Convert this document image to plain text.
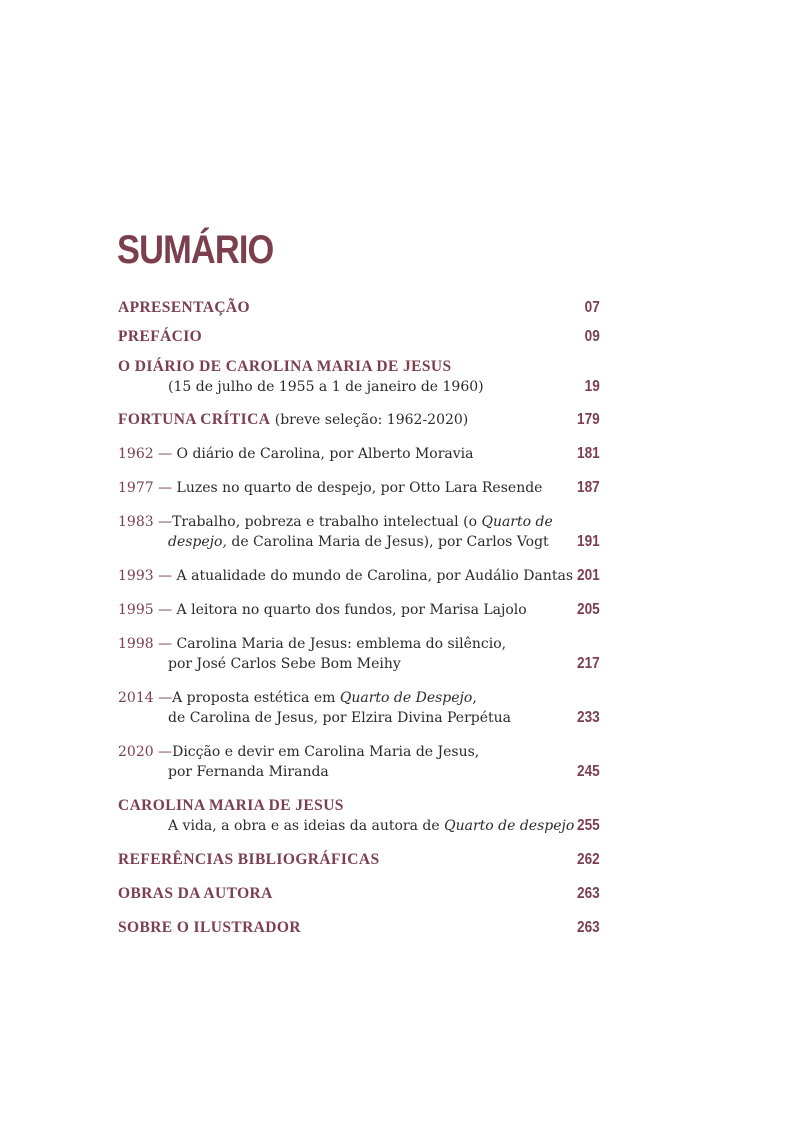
SUMÁRIO
APRESENTAÇÃO	07
PREFÁCIO	09
O DIÁRIO DE CAROLINA MARIA DE JESUS
(15 de julho de 1955 a 1 de janeiro de 1960)	19
FORTUNA CRÍTICA (breve seleção: 1962-2020)	179
1962 — O diário de Carolina, por Alberto Moravia	181
1977 — Luzes no quarto de despejo, por Otto Lara Resende 187
1983 —Trabalho, pobreza e trabalho intelectual (o Quarto de
despejo, de Carolina Maria de Jesus), por Carlos Vogt 191
1993 — A atualidade do mundo de Carolina, por Audálio Dantas 201
1995 — A leitora no quarto dos fundos, por Marisa Lajolo	205
1998 — Carolina Maria de Jesus: emblema do silêncio,
por José Carlos Sebe Bom Meihy	217
2014 —A proposta estética em Quarto de Despejo,
de Carolina de Jesus, por Elzira Divina Perpétua	233
2020 —Dicção e devir em Carolina Maria de Jesus,
por Fernanda Miranda	245
CAROLINA MARIA DE JESUS
A vida, a obra e as ideias da autora de Quarto de despejo 255
REFERÊNCIAS BIBLIOGRÁFICAS	262
OBRAS DA AUTORA	263
SOBRE O ILUSTRADOR	263
